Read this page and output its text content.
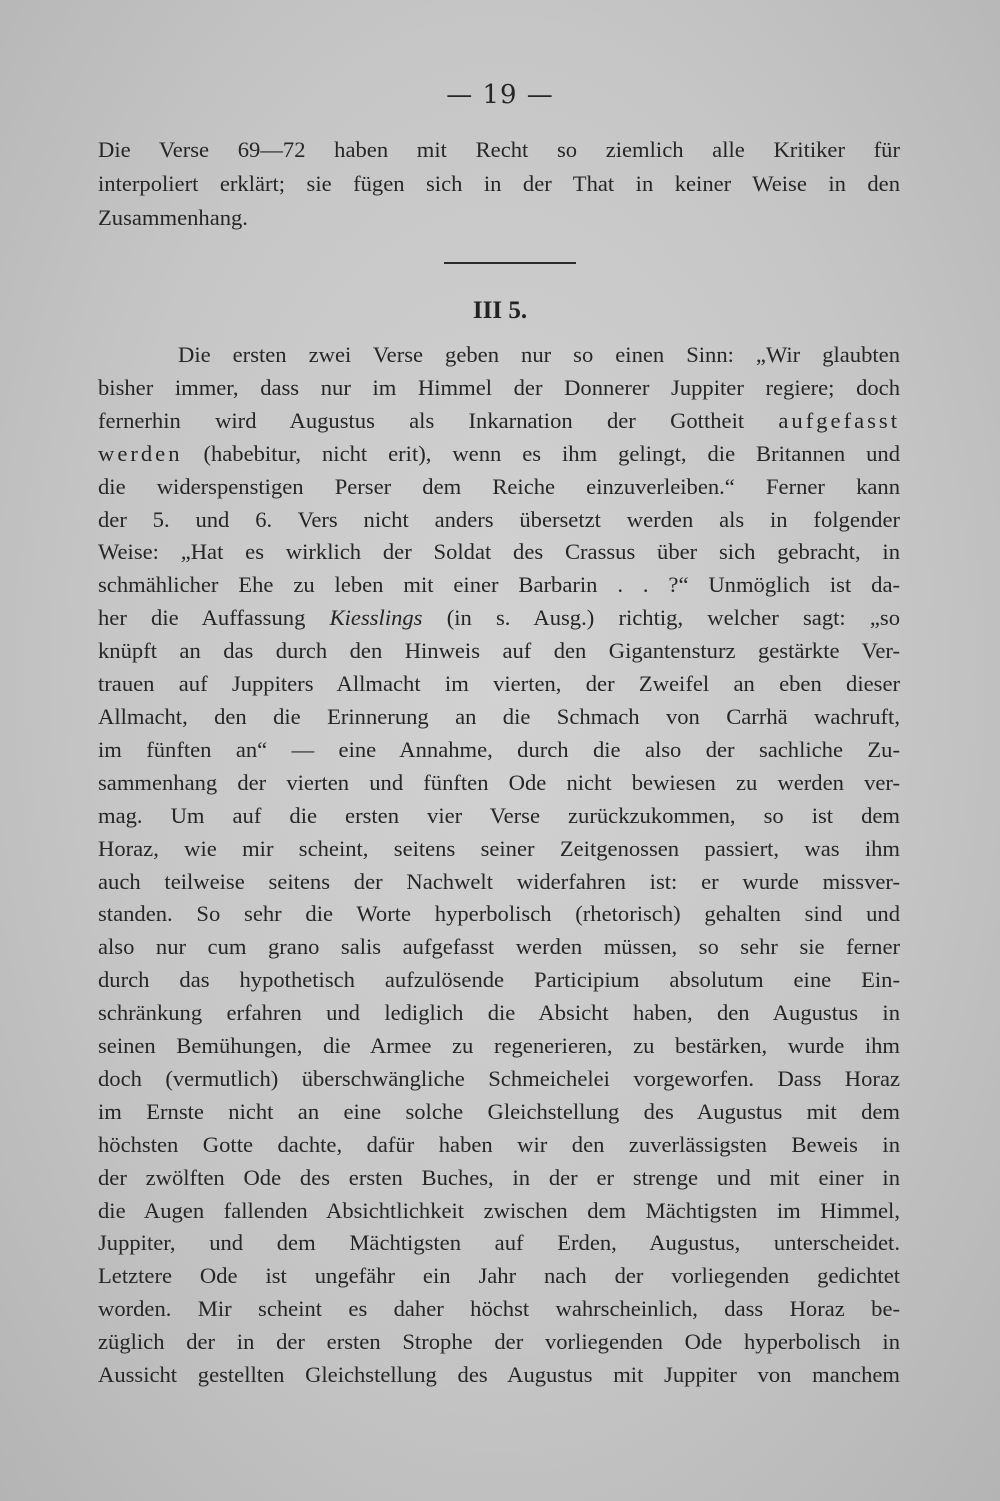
— 19 —
Die Verse 69—72 haben mit Recht so ziemlich alle Kritiker für
interpoliert erklärt; sie fügen sich in der That in keiner Weise in den
Zusammenhang.
III 5.
Die ersten zwei Verse geben nur so einen Sinn: „Wir glaubten
bisher immer, dass nur im Himmel der Donnerer Juppiter regiere; doch
fernerhin wird Augustus als Inkarnation der Gottheit aufgefasst
werden (habebitur, nicht erit), wenn es ihm gelingt, die Britannen und
die widerspenstigen Perser dem Reiche einzuverleiben.“ Ferner kann
der 5. und 6. Vers nicht anders übersetzt werden als in folgender
Weise: „Hat es wirklich der Soldat des Crassus über sich gebracht, in
schmählicher Ehe zu leben mit einer Barbarin . . ?“ Unmöglich ist da-
her die Auffassung Kiesslings (in s. Ausg.) richtig, welcher sagt: „so
knüpft an das durch den Hinweis auf den Gigantensturz gestärkte Ver-
trauen auf Juppiters Allmacht im vierten, der Zweifel an eben dieser
Allmacht, den die Erinnerung an die Schmach von Carrhä wachruft,
im fünften an“ — eine Annahme, durch die also der sachliche Zu-
sammenhang der vierten und fünften Ode nicht bewiesen zu werden ver-
mag. Um auf die ersten vier Verse zurückzukommen, so ist dem
Horaz, wie mir scheint, seitens seiner Zeitgenossen passiert, was ihm
auch teilweise seitens der Nachwelt widerfahren ist: er wurde missver-
standen. So sehr die Worte hyperbolisch (rhetorisch) gehalten sind und
also nur cum grano salis aufgefasst werden müssen, so sehr sie ferner
durch das hypothetisch aufzulösende Participium absolutum eine Ein-
schränkung erfahren und lediglich die Absicht haben, den Augustus in
seinen Bemühungen, die Armee zu regenerieren, zu bestärken, wurde ihm
doch (vermutlich) überschwängliche Schmeichelei vorgeworfen. Dass Horaz
im Ernste nicht an eine solche Gleichstellung des Augustus mit dem
höchsten Gotte dachte, dafür haben wir den zuverlässigsten Beweis in
der zwölften Ode des ersten Buches, in der er strenge und mit einer in
die Augen fallenden Absichtlichkeit zwischen dem Mächtigsten im Himmel,
Juppiter, und dem Mächtigsten auf Erden, Augustus, unterscheidet.
Letztere Ode ist ungefähr ein Jahr nach der vorliegenden gedichtet
worden. Mir scheint es daher höchst wahrscheinlich, dass Horaz be-
züglich der in der ersten Strophe der vorliegenden Ode hyperbolisch in
Aussicht gestellten Gleichstellung des Augustus mit Juppiter von manchem
